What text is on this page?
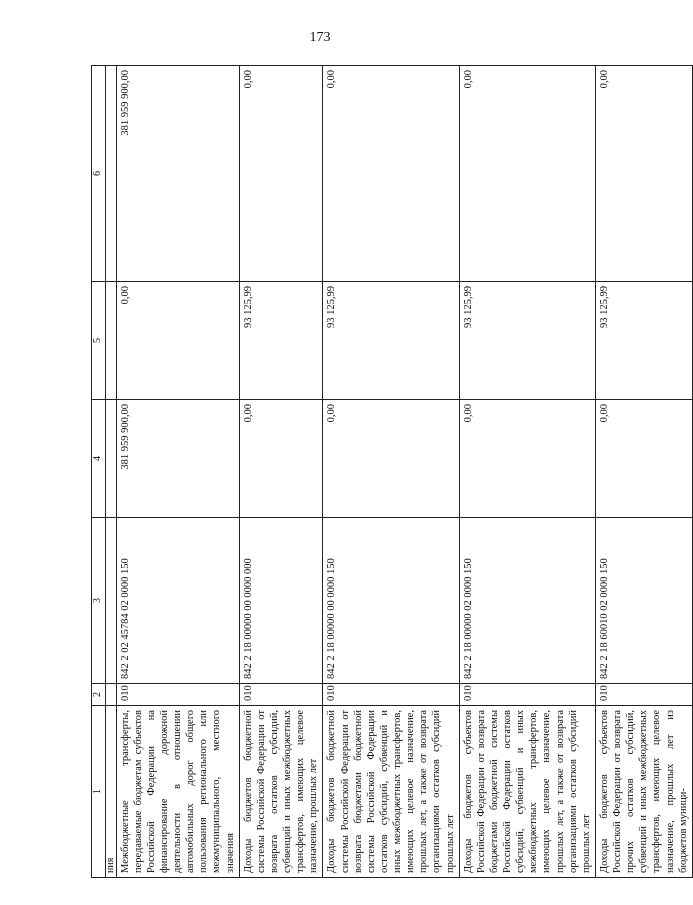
173
1	2	3	4	5	6
ния					
Межбюджетные трансферты, передаваемые бюджетам субъектов Российской Федерации на финансирование дорожной деятельности в отношении автомобильных дорог общего пользования регионального или межмуниципального, местного значения	010	842 2 02 45784 02 0000 150	381 959 900,00	0,00	381 959 900,00
Доходы бюджетов бюджетной системы Российской Федерации от возврата остатков субсидий, субвенций и иных межбюджетных трансфертов, имеющих целевое назначение, прошлых лет	010	842 2 18 00000 00 0000 000	0,00	93 125,99	0,00
Доходы бюджетов бюджетной системы Российской Федерации от возврата бюджетами бюджетной системы Российской Федерации остатков субсидий, субвенций и иных межбюджетных трансфертов, имеющих целевое назначение, прошлых лет, а также от возврата организациями остатков субсидий прошлых лет	010	842 2 18 00000 00 0000 150	0,00	93 125,99	0,00
Доходы бюджетов субъектов Российской Федерации от возврата бюджетами бюджетной системы Российской Федерации остатков субсидий, субвенций и иных межбюджетных трансфертов, имеющих целевое назначение, прошлых лет, а также от возврата организациями остатков субсидий прошлых лет	010	842 2 18 00000 02 0000 150	0,00	93 125,99	0,00
Доходы бюджетов субъектов Российской Федерации от возврата прочих остатков субсидий, субвенций и иных межбюджетных трансфертов, имеющих целевое назначение, прошлых лет из бюджетов муници-	010	842 2 18 60010 02 0000 150	0,00	93 125,99	0,00
